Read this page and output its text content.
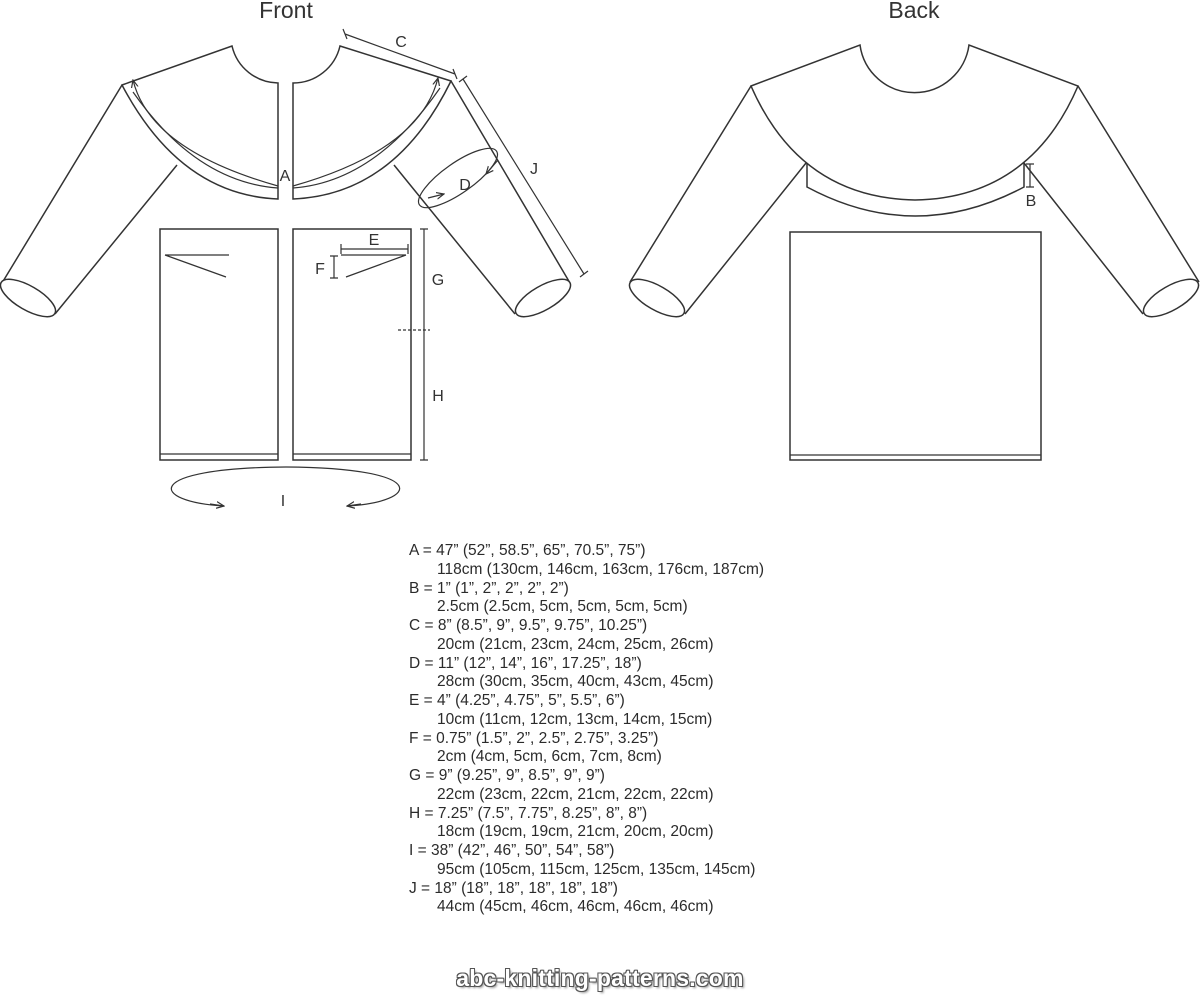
Front
A
C
J
D
E
F
G
H
I
Back
B
A = 47” (52”, 58.5”, 65”, 70.5”, 75”)
118cm (130cm, 146cm, 163cm, 176cm, 187cm)
B = 1” (1”, 2”, 2”, 2”, 2”)
2.5cm (2.5cm, 5cm, 5cm, 5cm, 5cm)
C = 8” (8.5”, 9”, 9.5”, 9.75”, 10.25”)
20cm (21cm, 23cm, 24cm, 25cm, 26cm)
D = 11” (12”, 14”, 16”, 17.25”, 18”)
28cm (30cm, 35cm, 40cm, 43cm, 45cm)
E = 4” (4.25”, 4.75”, 5”, 5.5”, 6”)
10cm (11cm, 12cm, 13cm, 14cm, 15cm)
F = 0.75” (1.5”, 2”, 2.5”, 2.75”, 3.25”)
2cm (4cm, 5cm, 6cm, 7cm, 8cm)
G = 9” (9.25”, 9”, 8.5”, 9”, 9”)
22cm (23cm, 22cm, 21cm, 22cm, 22cm)
H = 7.25” (7.5”, 7.75”, 8.25”, 8”, 8”)
18cm (19cm, 19cm, 21cm, 20cm, 20cm)
I = 38” (42”, 46”, 50”, 54”, 58”)
95cm (105cm, 115cm, 125cm, 135cm, 145cm)
J = 18” (18”, 18”, 18”, 18”, 18”)
44cm (45cm, 46cm, 46cm, 46cm, 46cm)
abc-knitting-patterns.com
